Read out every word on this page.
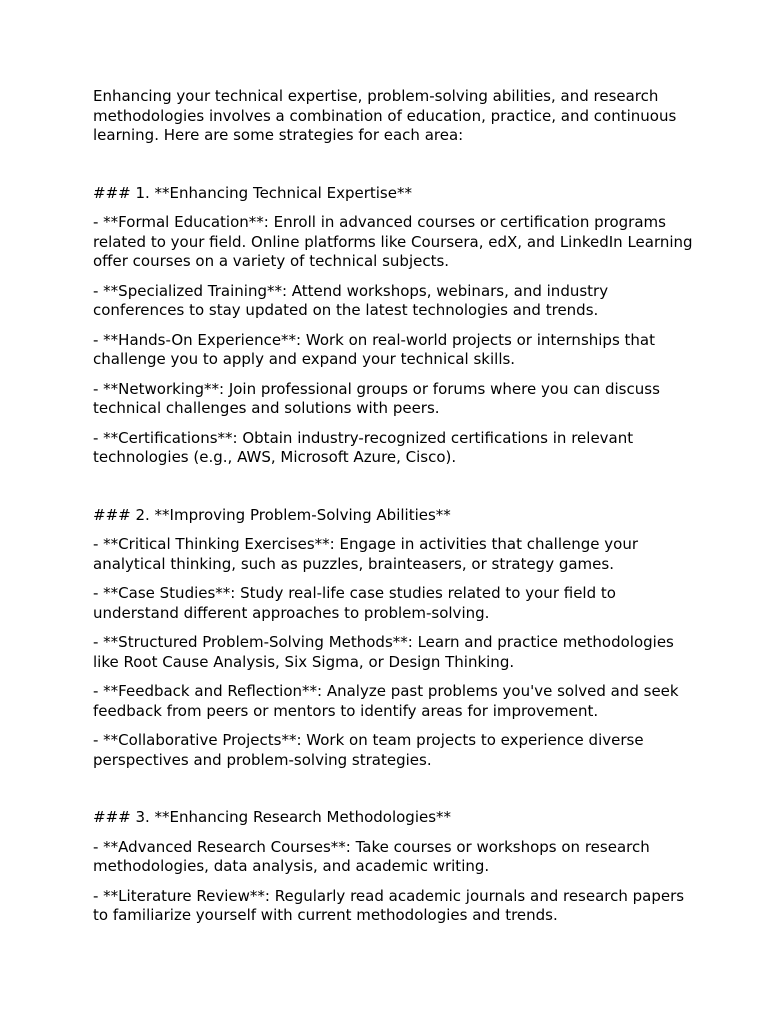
Enhancing your technical expertise, problem-solving abilities, and research methodologies involves a combination of education, practice, and continuous learning. Here are some strategies for each area:

### 1. **Enhancing Technical Expertise**

- **Formal Education**: Enroll in advanced courses or certification programs related to your field. Online platforms like Coursera, edX, and LinkedIn Learning offer courses on a variety of technical subjects.

- **Specialized Training**: Attend workshops, webinars, and industry conferences to stay updated on the latest technologies and trends.

- **Hands-On Experience**: Work on real-world projects or internships that challenge you to apply and expand your technical skills.

- **Networking**: Join professional groups or forums where you can discuss technical challenges and solutions with peers.

- **Certifications**: Obtain industry-recognized certifications in relevant technologies (e.g., AWS, Microsoft Azure, Cisco).

### 2. **Improving Problem-Solving Abilities**

- **Critical Thinking Exercises**: Engage in activities that challenge your analytical thinking, such as puzzles, brainteasers, or strategy games.

- **Case Studies**: Study real-life case studies related to your field to understand different approaches to problem-solving.

- **Structured Problem-Solving Methods**: Learn and practice methodologies like Root Cause Analysis, Six Sigma, or Design Thinking.

- **Feedback and Reflection**: Analyze past problems you've solved and seek feedback from peers or mentors to identify areas for improvement.

- **Collaborative Projects**: Work on team projects to experience diverse perspectives and problem-solving strategies.

### 3. **Enhancing Research Methodologies**

- **Advanced Research Courses**: Take courses or workshops on research methodologies, data analysis, and academic writing.

- **Literature Review**: Regularly read academic journals and research papers to familiarize yourself with current methodologies and trends.
